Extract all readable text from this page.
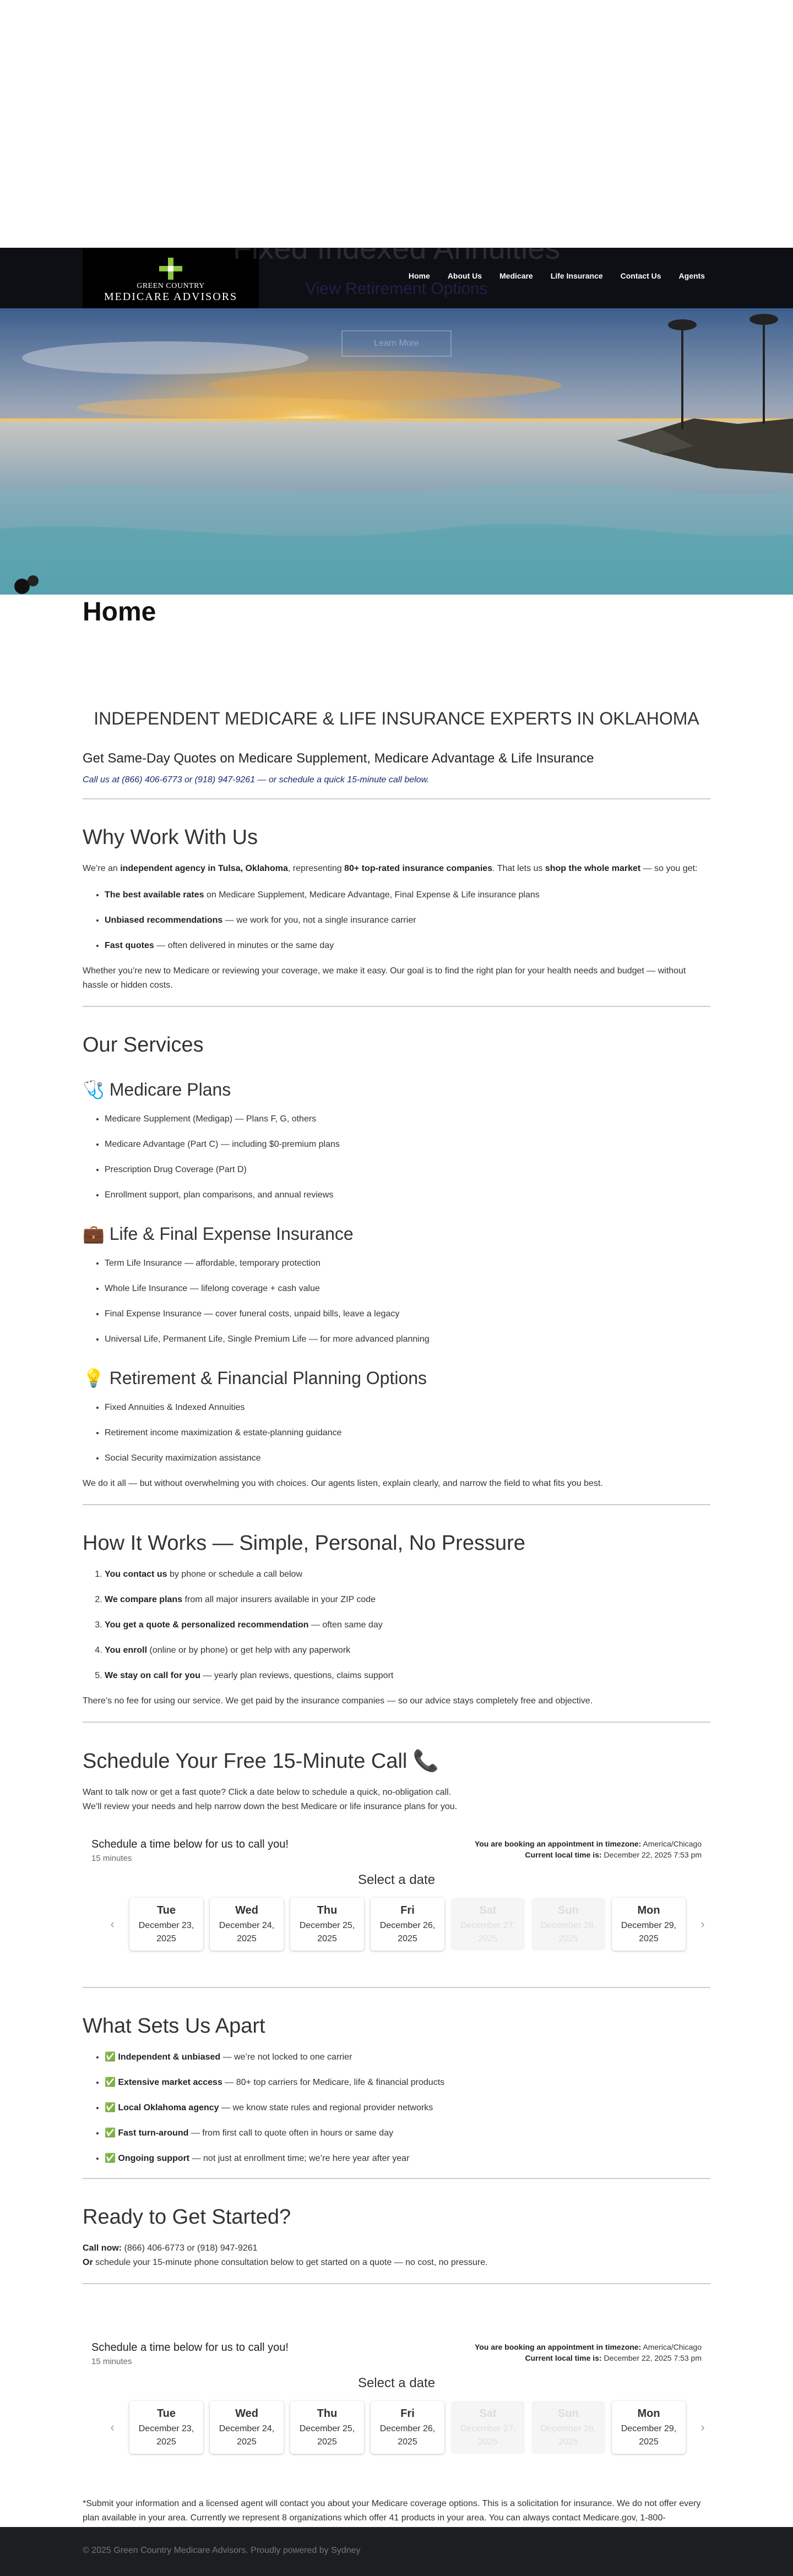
GREEN COUNTRY
MEDICARE ADVISORS
Home About Us Medicare Life Insurance Contact Us Agents
Fixed Indexed Annuities
View Retirement Options
Learn More
Home
INDEPENDENT MEDICARE & LIFE INSURANCE EXPERTS IN OKLAHOMA
Get Same-Day Quotes on Medicare Supplement, Medicare Advantage & Life Insurance

Call us at (866) 406-6773 or (918) 947-9261 — or schedule a quick 15-minute call below.

Why Work With Us

We’re an independent agency in Tulsa, Oklahoma, representing 80+ top-rated insurance companies. That lets us shop the whole market — so you get:

• The best available rates on Medicare Supplement, Medicare Advantage, Final Expense & Life insurance plans
• Unbiased recommendations — we work for you, not a single insurance carrier
• Fast quotes — often delivered in minutes or the same day

Whether you’re new to Medicare or reviewing your coverage, we make it easy. Our goal is to find the right plan for your health needs and budget — without hassle or hidden costs.

Our Services
🩺 Medicare Plans
• Medicare Supplement (Medigap) — Plans F, G, others
• Medicare Advantage (Part C) — including $0-premium plans
• Prescription Drug Coverage (Part D)
• Enrollment support, plan comparisons, and annual reviews
💼 Life & Final Expense Insurance
• Term Life Insurance — affordable, temporary protection
• Whole Life Insurance — lifelong coverage + cash value
• Final Expense Insurance — cover funeral costs, unpaid bills, leave a legacy
• Universal Life, Permanent Life, Single Premium Life — for more advanced planning
💡 Retirement & Financial Planning Options
• Fixed Annuities & Indexed Annuities
• Retirement income maximization & estate-planning guidance
• Social Security maximization assistance

We do it all — but without overwhelming you with choices. Our agents listen, explain clearly, and narrow the field to what fits you best.

How It Works — Simple, Personal, No Pressure
1. You contact us by phone or schedule a call below
2. We compare plans from all major insurers available in your ZIP code
3. You get a quote & personalized recommendation — often same day
4. You enroll (online or by phone) or get help with any paperwork
5. We stay on call for you — yearly plan reviews, questions, claims support

There’s no fee for using our service. We get paid by the insurance companies — so our advice stays completely free and objective.

Schedule Your Free 15-Minute Call 📞

Want to talk now or get a fast quote? Click a date below to schedule a quick, no-obligation call.
We’ll review your needs and help narrow down the best Medicare or life insurance plans for you.

Schedule a time below for us to call you!
15 minutes
You are booking an appointment in timezone: America/Chicago
Current local time is: December 22, 2025 7:53 pm
Select a date
‹
Tue
December 23,
2025
Wed
December 24,
2025
Thu
December 25,
2025
Fri
December 26,
2025
Sat
December 27,
2025
Sun
December 28,
2025
Mon
December 29,
2025
›
What Sets Us Apart
• ✅ Independent & unbiased — we’re not locked to one carrier
• ✅ Extensive market access — 80+ top carriers for Medicare, life & financial products
• ✅ Local Oklahoma agency — we know state rules and regional provider networks
• ✅ Fast turn-around — from first call to quote often in hours or same day
• ✅ Ongoing support — not just at enrollment time; we’re here year after year
Ready to Get Started?

Call now: (866) 406-6773 or (918) 947-9261
Or schedule your 15-minute phone consultation below to get started on a quote — no cost, no pressure.

Schedule a time below for us to call you!
15 minutes
You are booking an appointment in timezone: America/Chicago
Current local time is: December 22, 2025 7:53 pm
Select a date
‹
Tue
December 23,
2025
Wed
December 24,
2025
Thu
December 25,
2025
Fri
December 26,
2025
Sat
December 27,
2025
Sun
December 28,
2025
Mon
December 29,
2025
›

*Submit your information and a licensed agent will contact you about your Medicare coverage options. This is a solicitation for insurance. We do not offer every plan available in your area. Currently we represent 8 organizations which offer 41 products in your area. You can always contact Medicare.gov, 1-800-

© 2025 Green Country Medicare Advisors. Proudly powered by Sydney
